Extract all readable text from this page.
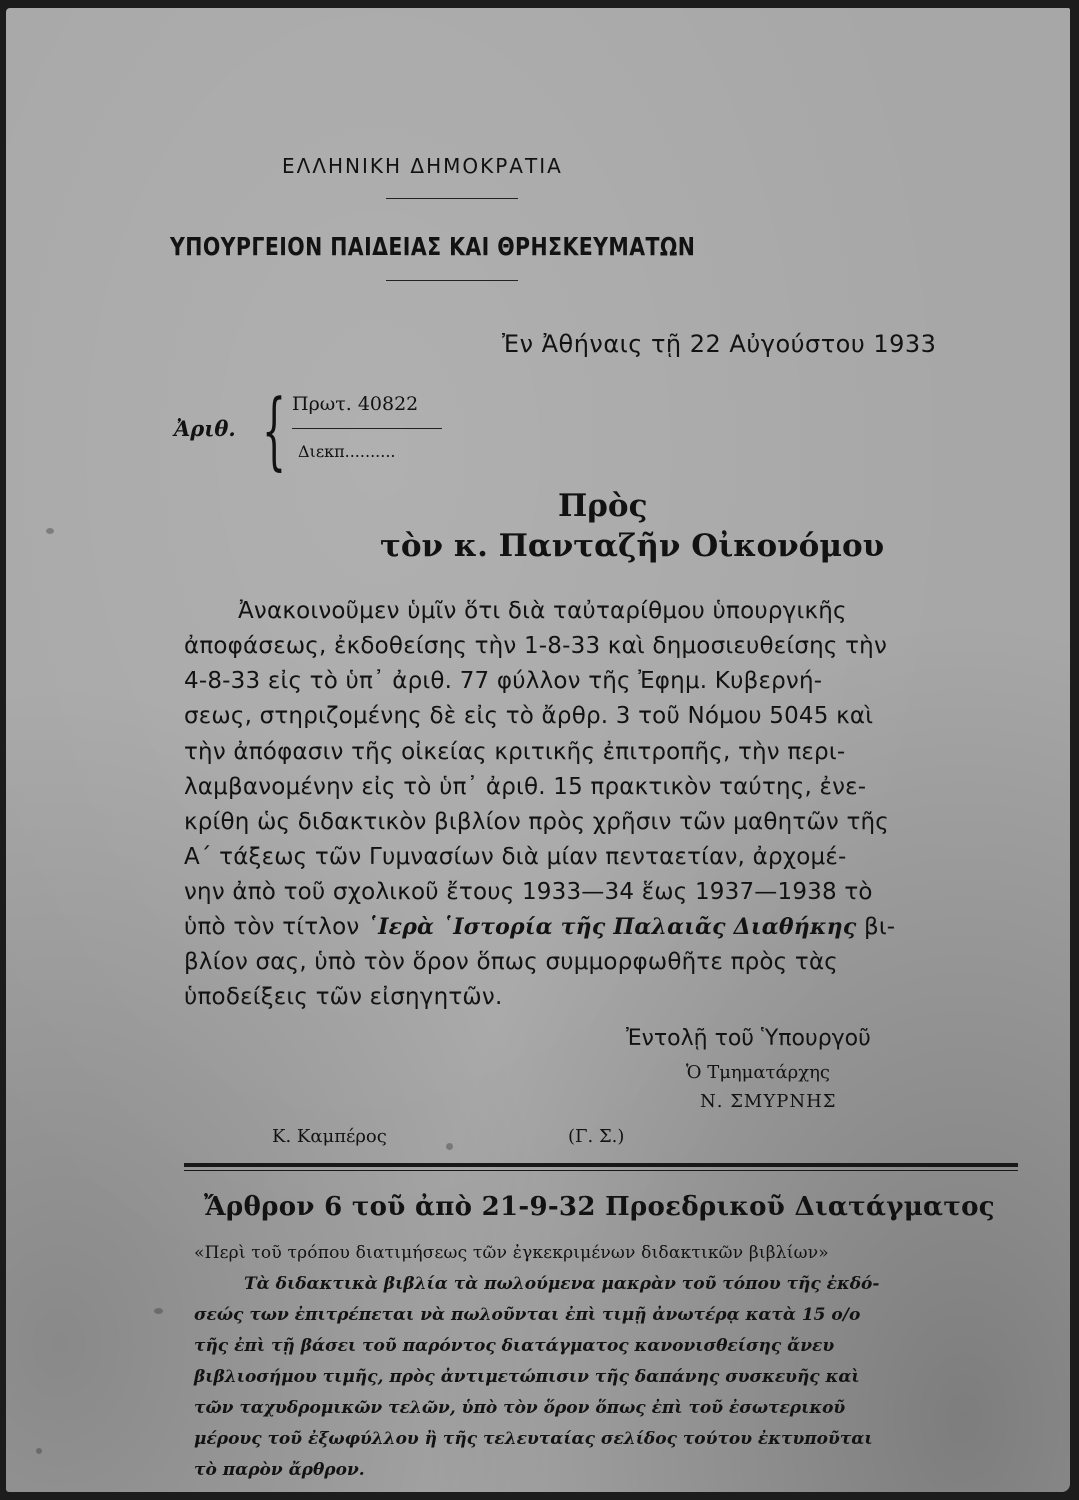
ΕΛΛΗΝΙΚΗ ΔΗΜΟΚΡΑΤΙΑ
ΥΠΟΥΡΓΕΙΟΝ ΠΑΙΔΕΙΑΣ ΚΑΙ ΘΡΗΣΚΕΥΜΑΤΩΝ
Ἐν Ἀθήναις τῇ 22 Αὐγούστου 1933
Ἀριθ. { Πρωτ. 40822
Διεκπ..........
Πρὸς
τὸν κ. Πανταζῆν Οἰκονόμου
Ἀνακοινοῦμεν ὑμῖν ὅτι διὰ ταὐταρίθμου ὑπουργικῆς
ἀποφάσεως, ἐκδοθείσης τὴν 1-8-33 καὶ δημοσιευθείσης τὴν
4-8-33 εἰς τὸ ὑπ᾽ ἀριθ. 77 φύλλον τῆς Ἐφημ. Κυβερνή-
σεως, στηριζομένης δὲ εἰς τὸ ἄρθρ. 3 τοῦ Νόμου 5045 καὶ
τὴν ἀπόφασιν τῆς οἰκείας κριτικῆς ἐπιτροπῆς, τὴν περι-
λαμβανομένην εἰς τὸ ὑπ᾽ ἀριθ. 15 πρακτικὸν ταύτης, ἐνε-
κρίθη ὡς διδακτικὸν βιβλίον πρὸς χρῆσιν τῶν μαθητῶν τῆς
Α΄ τάξεως τῶν Γυμνασίων διὰ μίαν πενταετίαν, ἀρχομέ-
νην ἀπὸ τοῦ σχολικοῦ ἔτους 1933—34 ἕως 1937—1938 τὸ
ὑπὸ τὸν τίτλον ῾Ιερὰ ῾Ιστορία τῆς Παλαιᾶς Διαθήκης βι-
βλίον σας, ὑπὸ τὸν ὅρον ὅπως συμμορφωθῆτε πρὸς τὰς
ὑποδείξεις τῶν εἰσηγητῶν.
Ἐντολῇ τοῦ Ὑπουργοῦ
Ὁ Τμηματάρχης
Ν. ΣΜΥΡΝΗΣ
Κ. Καμπέρος	(Γ. Σ.)
Ἄρθρον 6 τοῦ ἀπὸ 21-9-32 Προεδρικοῦ Διατάγματος
«Περὶ τοῦ τρόπου διατιμήσεως τῶν ἐγκεκριμένων διδακτικῶν βιβλίων»
Τὰ διδακτικὰ βιβλία τὰ πωλούμενα μακρὰν τοῦ τόπου τῆς ἐκδό-
σεώς των ἐπιτρέπεται νὰ πωλοῦνται ἐπὶ τιμῇ ἀνωτέρᾳ κατὰ 15 ο/ο
τῆς ἐπὶ τῇ βάσει τοῦ παρόντος διατάγματος κανονισθείσης ἄνευ
βιβλιοσήμου τιμῆς, πρὸς ἀντιμετώπισιν τῆς δαπάνης συσκευῆς καὶ
τῶν ταχυδρομικῶν τελῶν, ὑπὸ τὸν ὅρον ὅπως ἐπὶ τοῦ ἐσωτερικοῦ
μέρους τοῦ ἐξωφύλλου ἢ τῆς τελευταίας σελίδος τούτου ἐκτυποῦται
τὸ παρὸν ἄρθρον.
